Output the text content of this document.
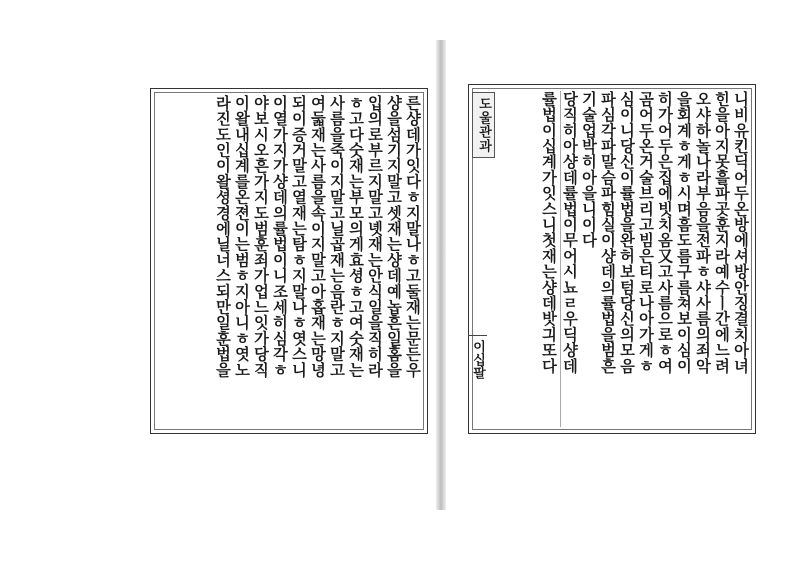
른샹데가잇다ㅎ지말나ㅎ고둘재는문든우
샹을섬기지말고셋재는샹데예놉흔일홈을
입의로부르지말고녯재는안식일을직히라
ㅎ고다숫재는부모의게효셩ㅎ고여숫재는
사름을죽이지말고닐곱재는음란ㅎ지말고
여둛재는사름을속이지말고아홉재는망녕
되이증거말고열재는탐ㅎ지말나ㅎ엿스니
이열가지가샹데의률법이니조세히심각ㅎ
야보시오흔가지도범훈죄가업느잇가당직
이왈내십계를온젼이는범ㅎ지아니ㅎ엿노
라진도인이왈셩경에닐너스되만일훈법을	니비유킨딕어두온방에셔방안징결치아녀
힌을아지못흘파곳훈지라예수ㅣ간에느려
오샤하놀나라부음을전파ㅎ샤사름의죄악
을회계ㅎ게ㅎ시며흠도름구름쳐보이심이
히가어두은집에빗치옴又고사름으로ㅎ여
곰어두온거술브리고빔은티로나아가게ㅎ
심이니당신이률법을완허보텀당신의모음
파심각파말슴파힘실이샹데의률법을범흔
기술업박히아을니이다
당직히아샹데률법이무어시뇨ㄹ우딕샹데
률법이십계가잇스니첫재는샹데밧긔또다
도울관과
이십팔
